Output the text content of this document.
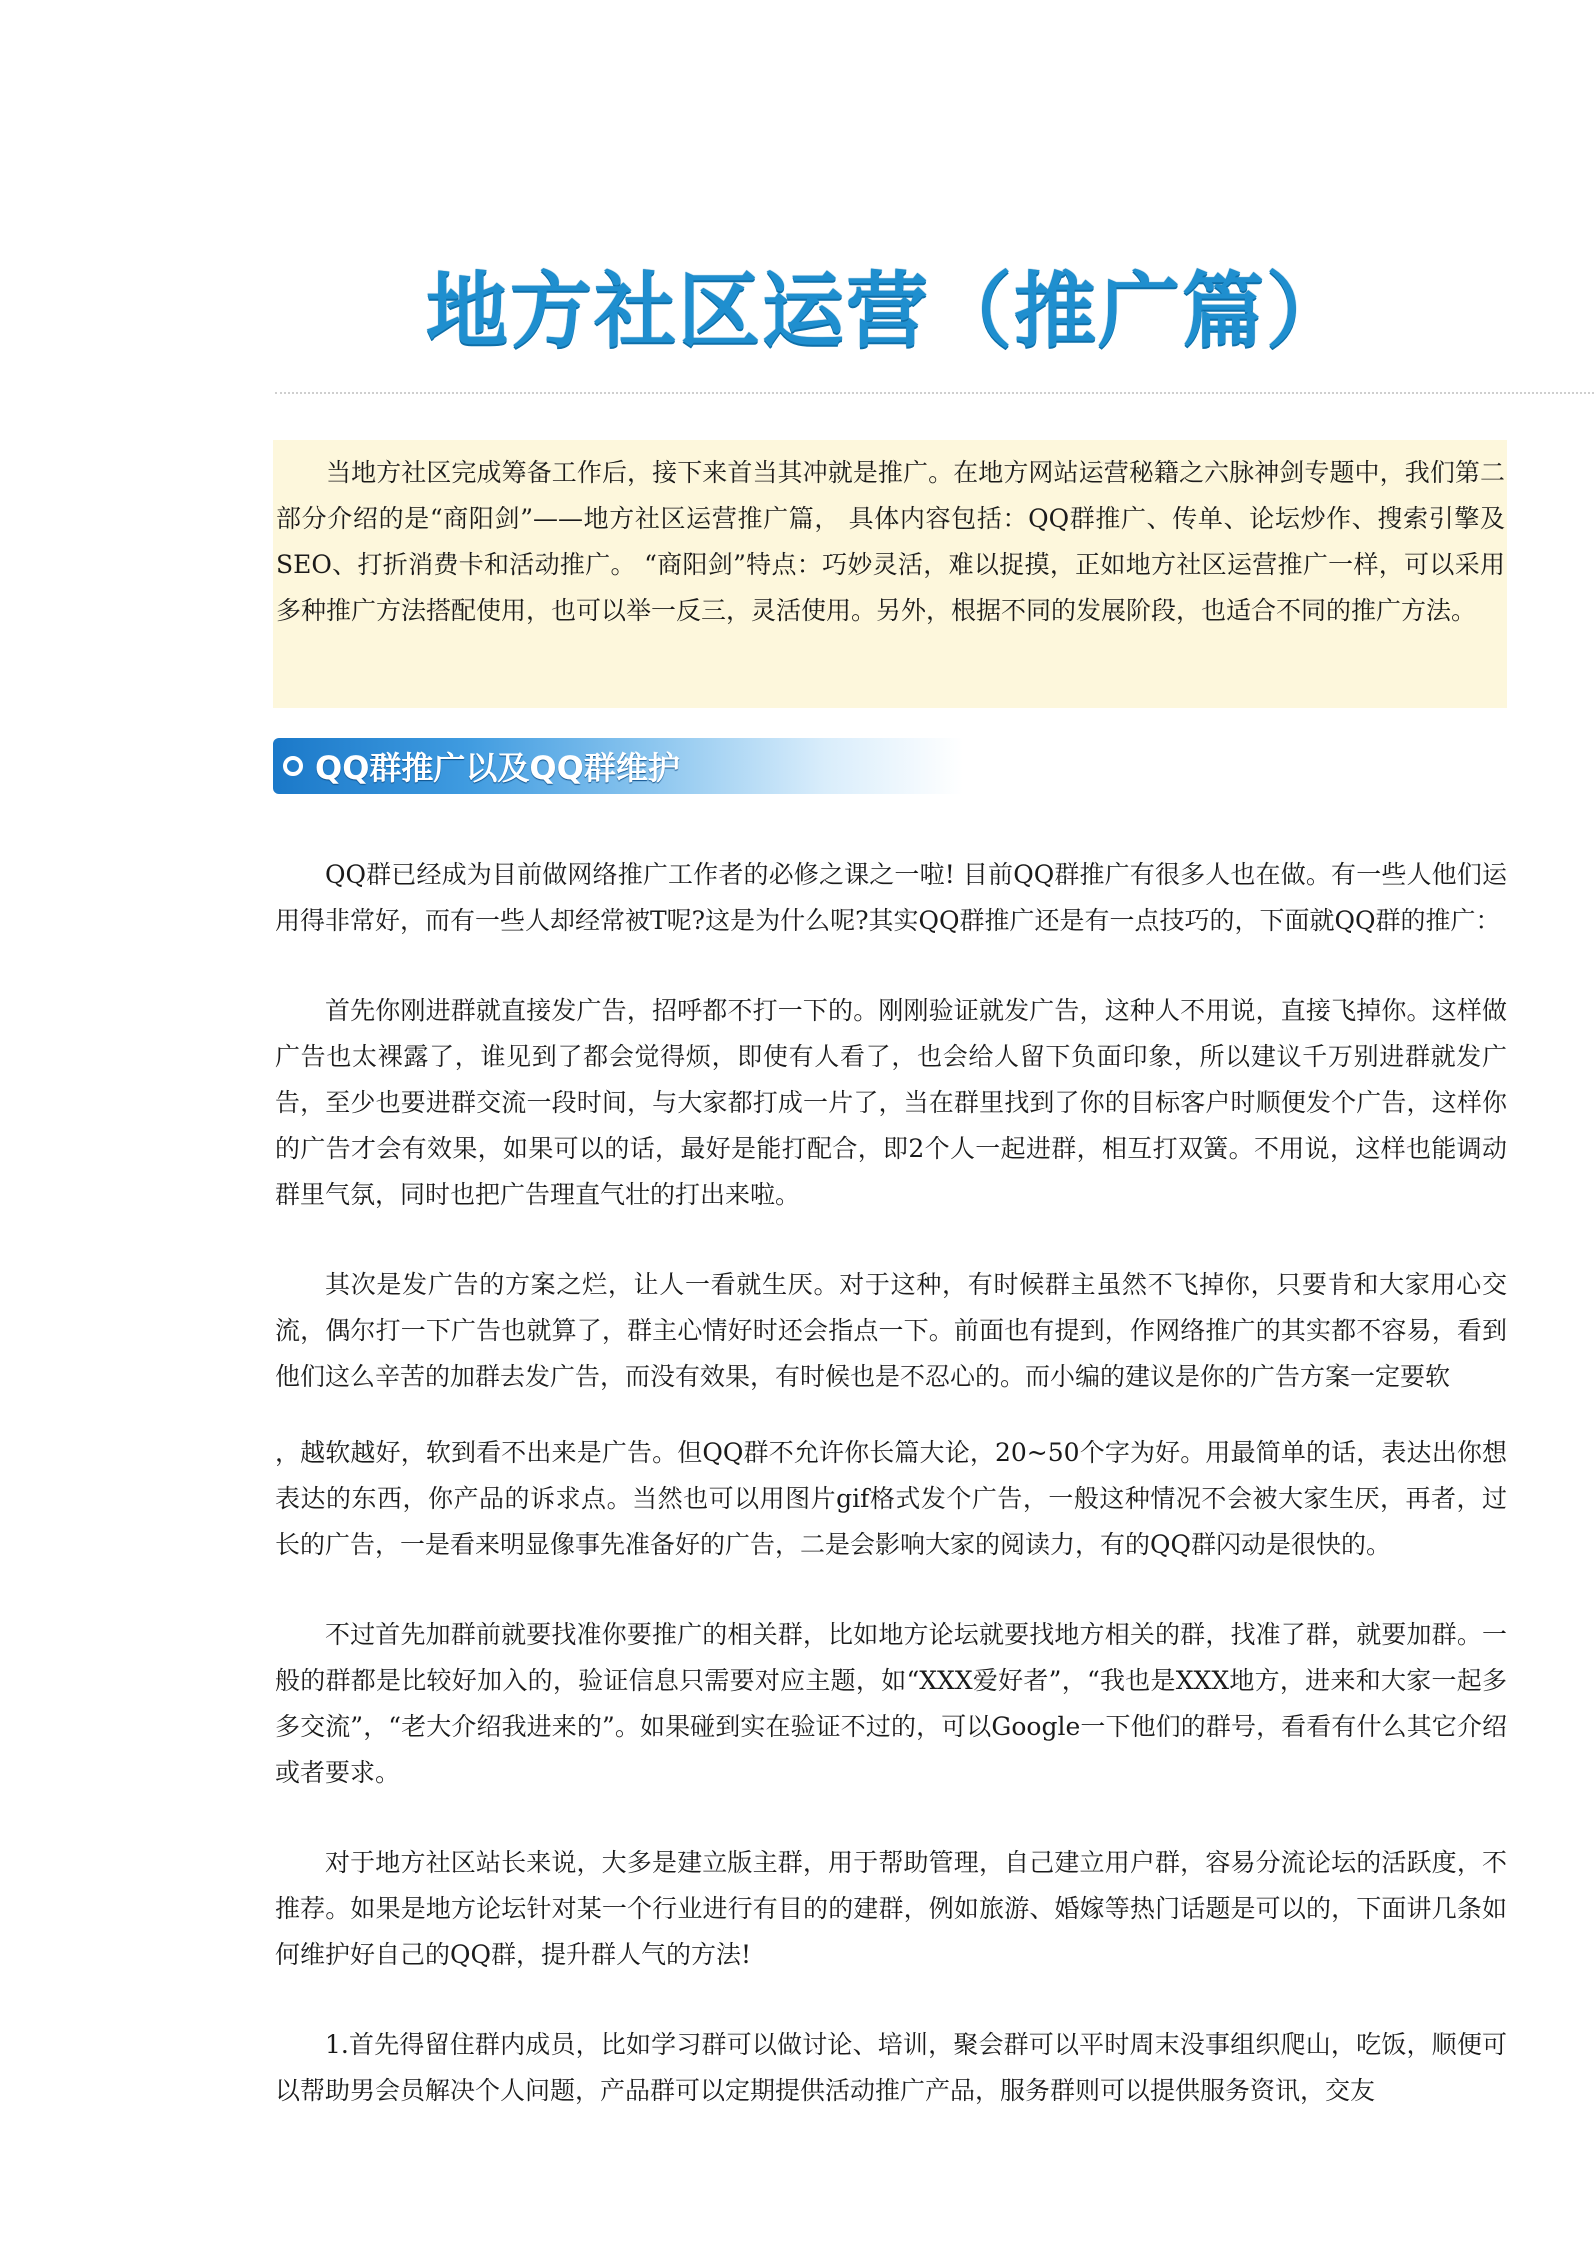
地方社区运营（推广篇）

当地方社区完成筹备工作后，接下来首当其冲就是推广。在地方网站运营秘籍之六脉神剑专题中，我们第二部分介绍的是“商阳剑”——地方社区运营推广篇， 具体内容包括：QQ群推广、传单、论坛炒作、搜索引擎及SEO、打折消费卡和活动推广。 “商阳剑”特点：巧妙灵活，难以捉摸，正如地方社区运营推广一样，可以采用多种推广方法搭配使用，也可以举一反三，灵活使用。另外，根据不同的发展阶段，也适合不同的推广方法。

QQ群推广以及QQ群维护

QQ群已经成为目前做网络推广工作者的必修之课之一啦! 目前QQ群推广有很多人也在做。有一些人他们运用得非常好，而有一些人却经常被T呢?这是为什么呢?其实QQ群推广还是有一点技巧的，下面就QQ群的推广：

首先你刚进群就直接发广告，招呼都不打一下的。刚刚验证就发广告，这种人不用说，直接飞掉你。这样做广告也太裸露了，谁见到了都会觉得烦，即使有人看了，也会给人留下负面印象，所以建议千万别进群就发广告，至少也要进群交流一段时间，与大家都打成一片了，当在群里找到了你的目标客户时顺便发个广告，这样你的广告才会有效果，如果可以的话，最好是能打配合，即2个人一起进群，相互打双簧。不用说，这样也能调动群里气氛，同时也把广告理直气壮的打出来啦。

其次是发广告的方案之烂，让人一看就生厌。对于这种，有时候群主虽然不飞掉你，只要肯和大家用心交流，偶尔打一下广告也就算了，群主心情好时还会指点一下。前面也有提到，作网络推广的其实都不容易，看到他们这么辛苦的加群去发广告，而没有效果，有时候也是不忍心的。而小编的建议是你的广告方案一定要软

，越软越好，软到看不出来是广告。但QQ群不允许你长篇大论，20~50个字为好。用最简单的话，表达出你想表达的东西，你产品的诉求点。当然也可以用图片gif格式发个广告，一般这种情况不会被大家生厌，再者，过长的广告，一是看来明显像事先准备好的广告，二是会影响大家的阅读力，有的QQ群闪动是很快的。

不过首先加群前就要找准你要推广的相关群，比如地方论坛就要找地方相关的群，找准了群，就要加群。一般的群都是比较好加入的，验证信息只需要对应主题，如“XXX爱好者”，“我也是XXX地方，进来和大家一起多多交流”，“老大介绍我进来的”。如果碰到实在验证不过的，可以Google一下他们的群号，看看有什么其它介绍或者要求。

对于地方社区站长来说，大多是建立版主群，用于帮助管理，自己建立用户群，容易分流论坛的活跃度，不推荐。如果是地方论坛针对某一个行业进行有目的的建群，例如旅游、婚嫁等热门话题是可以的，下面讲几条如何维护好自己的QQ群，提升群人气的方法!

1.首先得留住群内成员，比如学习群可以做讨论、培训，聚会群可以平时周末没事组织爬山，吃饭，顺便可以帮助男会员解决个人问题，产品群可以定期提供活动推广产品，服务群则可以提供服务资讯，交友
